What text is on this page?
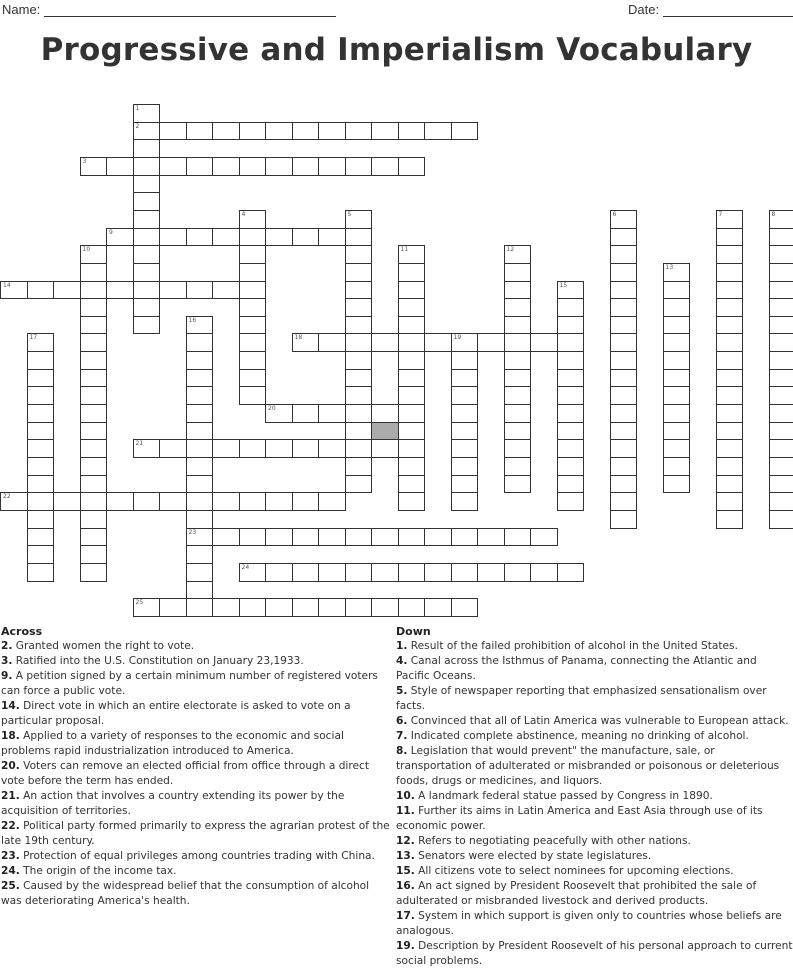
Name:	Date:
Progressive and Imperialism Vocabulary
1
2
3
4	5	6	7	8
9
10	11	12
13
14	15
16
23
17	18	19
20
21
22
24
25
Across
2. Granted women the right to vote.
3. Ratified into the U.S. Constitution on January 23,1933.
9. A petition signed by a certain minimum number of registered voters can force a public vote.
14. Direct vote in which an entire electorate is asked to vote on a particular proposal.
18. Applied to a variety of responses to the economic and social problems rapid industrialization introduced to America.
20. Voters can remove an elected official from office through a direct vote before the term has ended.
21. An action that involves a country extending its power by the acquisition of territories.
22. Political party formed primarily to express the agrarian protest of the late 19th century.
23. Protection of equal privileges among countries trading with China.
24. The origin of the income tax.
25. Caused by the widespread belief that the consumption of alcohol was deteriorating America's health.
Down
1. Result of the failed prohibition of alcohol in the United States.
4. Canal across the Isthmus of Panama, connecting the Atlantic and Pacific Oceans.
5. Style of newspaper reporting that emphasized sensationalism over facts.
6. Convinced that all of Latin America was vulnerable to European attack.
7. Indicated complete abstinence, meaning no drinking of alcohol.
8. Legislation that would prevent" the manufacture, sale, or transportation of adulterated or misbranded or poisonous or deleterious foods, drugs or medicines, and liquors.
10. A landmark federal statue passed by Congress in 1890.
11. Further its aims in Latin America and East Asia through use of its economic power.
12. Refers to negotiating peacefully with other nations.
13. Senators were elected by state legislatures.
15. All citizens vote to select nominees for upcoming elections.
16. An act signed by President Roosevelt that prohibited the sale of adulterated or misbranded livestock and derived products.
17. System in which support is given only to countries whose beliefs are analogous.
19. Description by President Roosevelt of his personal approach to current social problems.
